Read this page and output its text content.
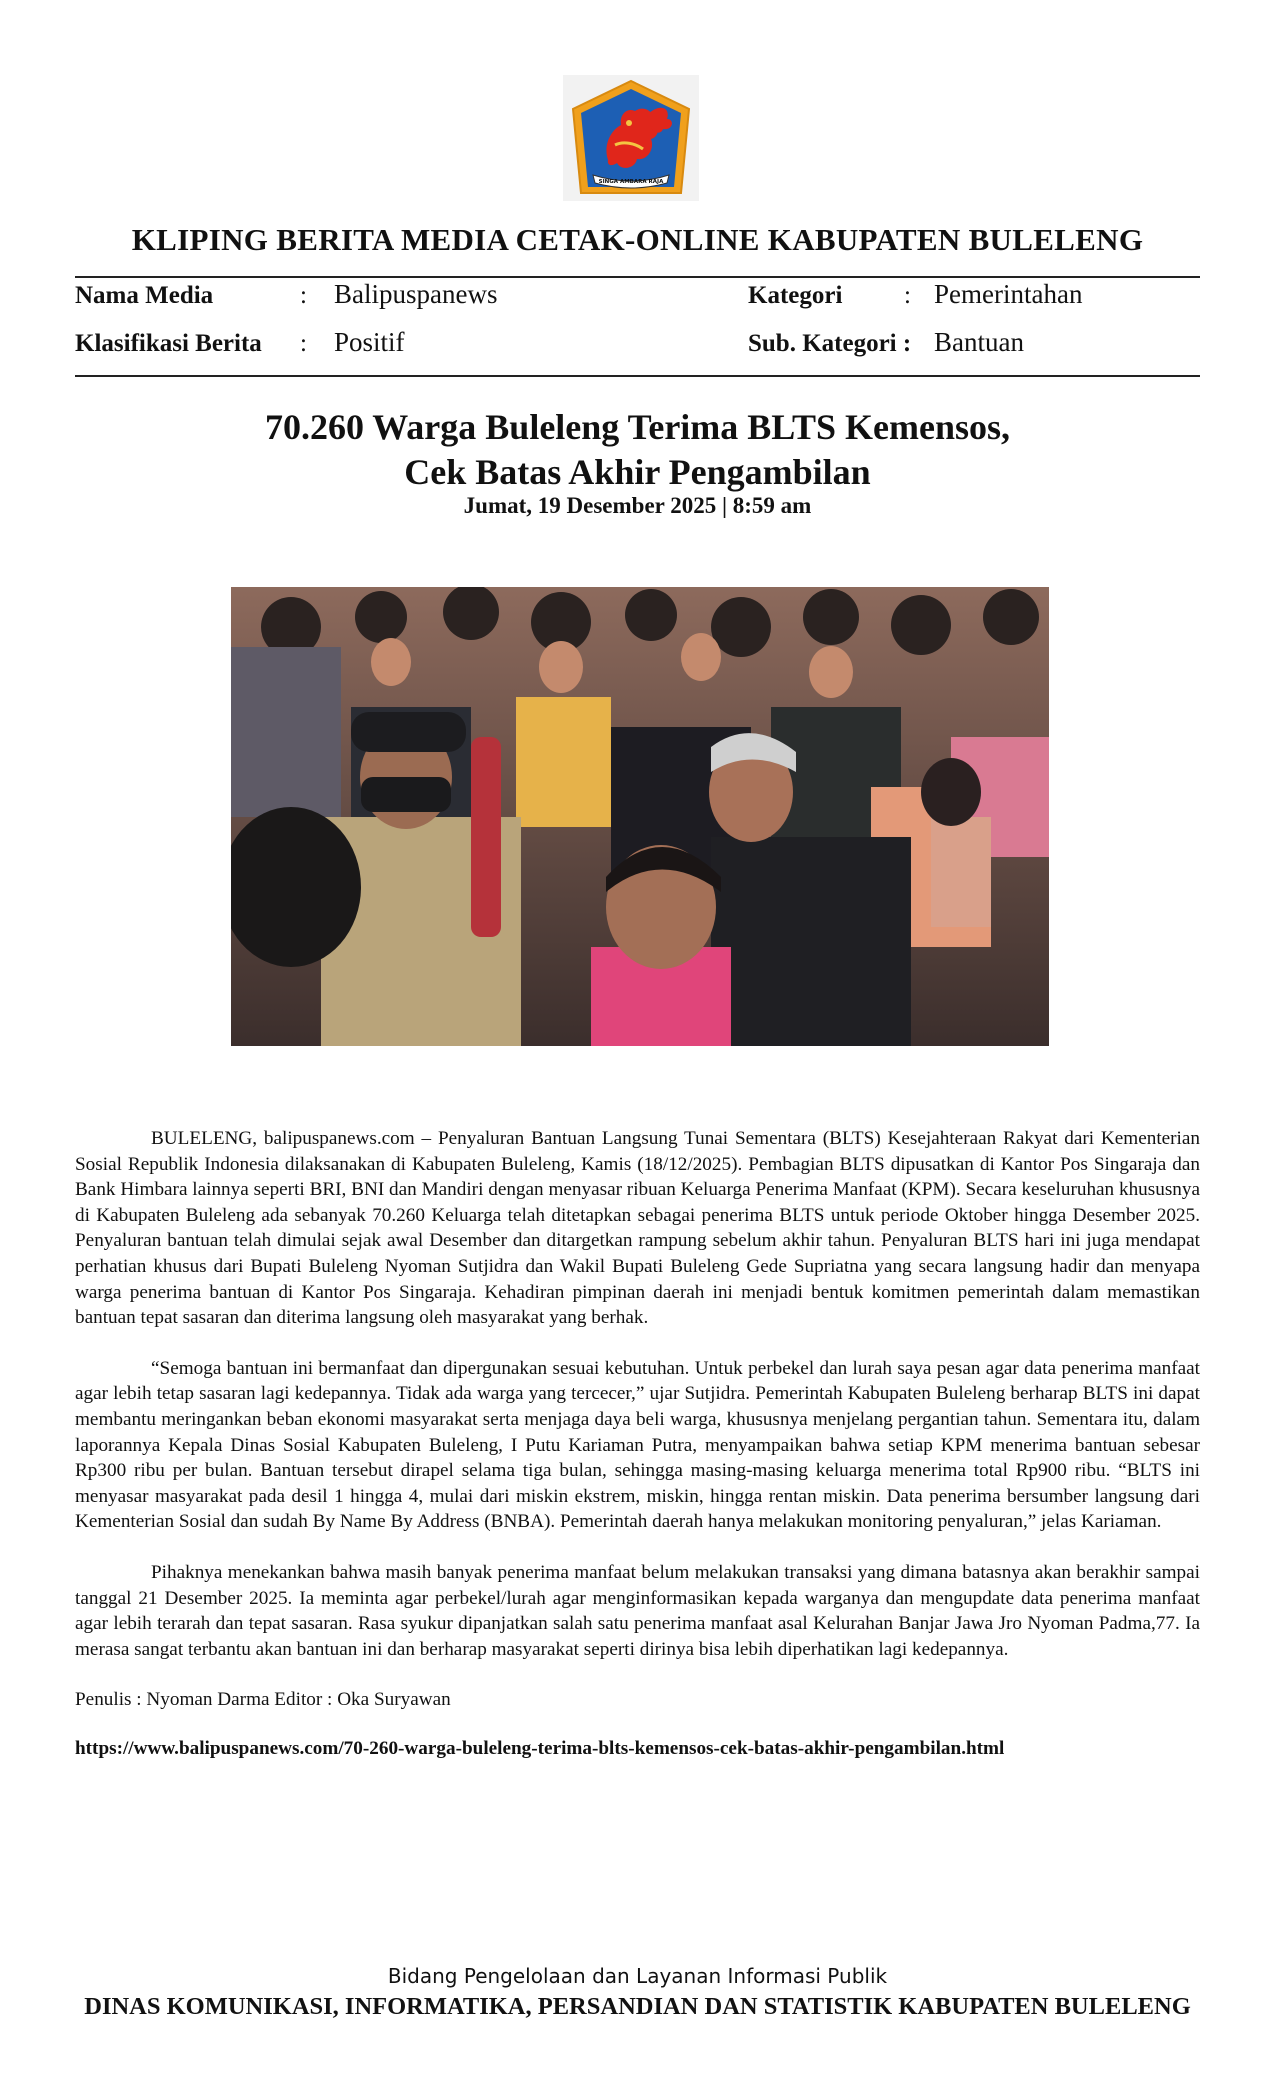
SINGA AMBARA RAJA
KLIPING BERITA MEDIA CETAK-ONLINE KABUPATEN BULELENG
Nama Media	: Balipuspanews	Kategori : Pemerintahan
Klasifikasi Berita : Positif	Sub. Kategori : Bantuan
70.260 Warga Buleleng Terima BLTS Kemensos,
Cek Batas Akhir Pengambilan
Jumat, 19 Desember 2025 | 8:59 am

BULELENG, balipuspanews.com – Penyaluran Bantuan Langsung Tunai Sementara (BLTS) Kesejahteraan Rakyat dari Kementerian Sosial Republik Indonesia dilaksanakan di Kabupaten Buleleng, Kamis (18/12/2025). Pembagian BLTS dipusatkan di Kantor Pos Singaraja dan Bank Himbara lainnya seperti BRI, BNI dan Mandiri dengan menyasar ribuan Keluarga Penerima Manfaat (KPM). Secara keseluruhan khususnya di Kabupaten Buleleng ada sebanyak 70.260 Keluarga telah ditetapkan sebagai penerima BLTS untuk periode Oktober hingga Desember 2025. Penyaluran bantuan telah dimulai sejak awal Desember dan ditargetkan rampung sebelum akhir tahun. Penyaluran BLTS hari ini juga mendapat perhatian khusus dari Bupati Buleleng Nyoman Sutjidra dan Wakil Bupati Buleleng Gede Supriatna yang secara langsung hadir dan menyapa warga penerima bantuan di Kantor Pos Singaraja. Kehadiran pimpinan daerah ini menjadi bentuk komitmen pemerintah dalam memastikan bantuan tepat sasaran dan diterima langsung oleh masyarakat yang berhak.

“Semoga bantuan ini bermanfaat dan dipergunakan sesuai kebutuhan. Untuk perbekel dan lurah saya pesan agar data penerima manfaat agar lebih tetap sasaran lagi kedepannya. Tidak ada warga yang tercecer,” ujar Sutjidra. Pemerintah Kabupaten Buleleng berharap BLTS ini dapat membantu meringankan beban ekonomi masyarakat serta menjaga daya beli warga, khususnya menjelang pergantian tahun. Sementara itu, dalam laporannya Kepala Dinas Sosial Kabupaten Buleleng, I Putu Kariaman Putra, menyampaikan bahwa setiap KPM menerima bantuan sebesar Rp300 ribu per bulan. Bantuan tersebut dirapel selama tiga bulan, sehingga masing-masing keluarga menerima total Rp900 ribu. “BLTS ini menyasar masyarakat pada desil 1 hingga 4, mulai dari miskin ekstrem, miskin, hingga rentan miskin. Data penerima bersumber langsung dari Kementerian Sosial dan sudah By Name By Address (BNBA). Pemerintah daerah hanya melakukan monitoring penyaluran,” jelas Kariaman.

Pihaknya menekankan bahwa masih banyak penerima manfaat belum melakukan transaksi yang dimana batasnya akan berakhir sampai tanggal 21 Desember 2025. Ia meminta agar perbekel/lurah agar menginformasikan kepada warganya dan mengupdate data penerima manfaat agar lebih terarah dan tepat sasaran. Rasa syukur dipanjatkan salah satu penerima manfaat asal Kelurahan Banjar Jawa Jro Nyoman Padma,77. Ia merasa sangat terbantu akan bantuan ini dan berharap masyarakat seperti dirinya bisa lebih diperhatikan lagi kedepannya.

Penulis : Nyoman Darma Editor : Oka Suryawan

https://www.balipuspanews.com/70-260-warga-buleleng-terima-blts-kemensos-cek-batas-akhir-pengambilan.html

Bidang Pengelolaan dan Layanan Informasi Publik
DINAS KOMUNIKASI, INFORMATIKA, PERSANDIAN DAN STATISTIK KABUPATEN BULELENG
